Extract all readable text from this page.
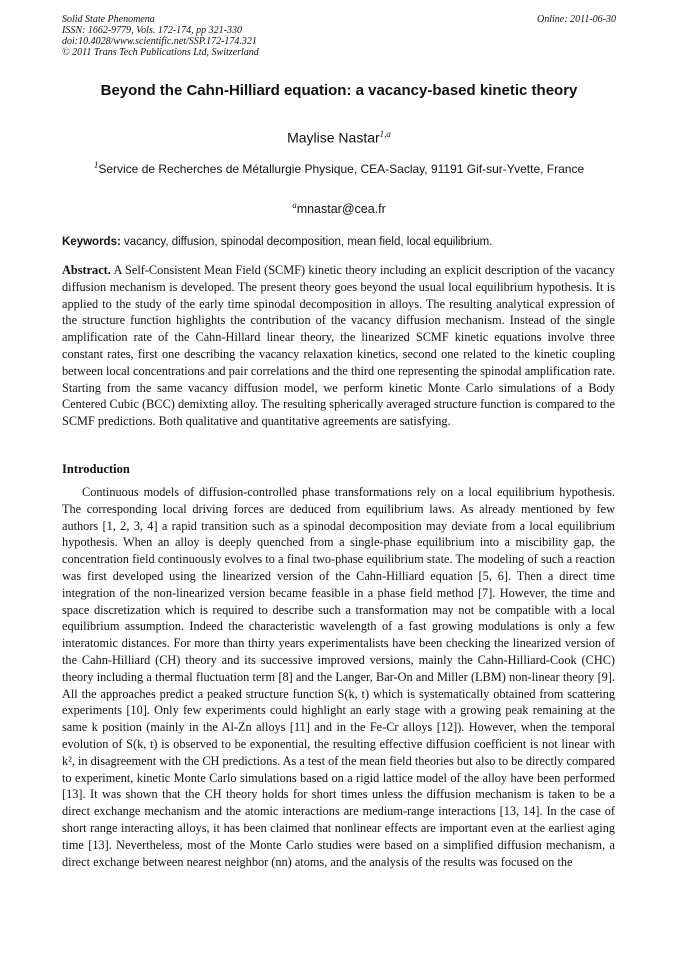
Solid State Phenomena
ISSN: 1662-9779, Vols. 172-174, pp 321-330
doi:10.4028/www.scientific.net/SSP.172-174.321
© 2011 Trans Tech Publications Ltd, Switzerland
Online: 2011-06-30
Beyond the Cahn-Hilliard equation: a vacancy-based kinetic theory
Maylise Nastar$^{1,a}$
$^1$Service de Recherches de Métallurgie Physique, CEA-Saclay, 91191 Gif-sur-Yvette, France
$^a$mnastar@cea.fr
Keywords: vacancy, diffusion, spinodal decomposition, mean field, local equilibrium.
Abstract. A Self-Consistent Mean Field (SCMF) kinetic theory including an explicit description of the vacancy diffusion mechanism is developed. The present theory goes beyond the usual local equilibrium hypothesis. It is applied to the study of the early time spinodal decomposition in alloys. The resulting analytical expression of the structure function highlights the contribution of the vacancy diffusion mechanism. Instead of the single amplification rate of the Cahn-Hillard linear theory, the linearized SCMF kinetic equations involve three constant rates, first one describing the vacancy relaxation kinetics, second one related to the kinetic coupling between local concentrations and pair correlations and the third one representing the spinodal amplification rate. Starting from the same vacancy diffusion model, we perform kinetic Monte Carlo simulations of a Body Centered Cubic (BCC) demixting alloy. The resulting spherically averaged structure function is compared to the SCMF predictions. Both qualitative and quantitative agreements are satisfying.
Introduction
Continuous models of diffusion-controlled phase transformations rely on a local equilibrium hypothesis. The corresponding local driving forces are deduced from equilibrium laws. As already mentioned by few authors [1, 2, 3, 4] a rapid transition such as a spinodal decomposition may deviate from a local equilibrium hypothesis. When an alloy is deeply quenched from a single-phase equilibrium into a miscibility gap, the concentration field continuously evolves to a final two-phase equilibrium state. The modeling of such a reaction was first developed using the linearized version of the Cahn-Hilliard equation [5, 6]. Then a direct time integration of the non-linearized version became feasible in a phase field method [7]. However, the time and space discretization which is required to describe such a transformation may not be compatible with a local equilibrium assumption. Indeed the characteristic wavelength of a fast growing modulations is only a few interatomic distances. For more than thirty years experimentalists have been checking the linearized version of the Cahn-Hilliard (CH) theory and its successive improved versions, mainly the Cahn-Hilliard-Cook (CHC) theory including a thermal fluctuation term [8] and the Langer, Bar-On and Miller (LBM) non-linear theory [9]. All the approaches predict a peaked structure function S(k, t) which is systematically obtained from scattering experiments [10]. Only few experiments could highlight an early stage with a growing peak remaining at the same k position (mainly in the Al-Zn alloys [11] and in the Fe-Cr alloys [12]). However, when the temporal evolution of S(k, t) is observed to be exponential, the resulting effective diffusion coefficient is not linear with k², in disagreement with the CH predictions. As a test of the mean field theories but also to be directly compared to experiment, kinetic Monte Carlo simulations based on a rigid lattice model of the alloy have been performed [13]. It was shown that the CH theory holds for short times unless the diffusion mechanism is taken to be a direct exchange mechanism and the atomic interactions are medium-range interactions [13, 14]. In the case of short range interacting alloys, it has been claimed that nonlinear effects are important even at the earliest aging time [13]. Nevertheless, most of the Monte Carlo studies were based on a simplified diffusion mechanism, a direct exchange between nearest neighbor (nn) atoms, and the analysis of the results was focused on the
